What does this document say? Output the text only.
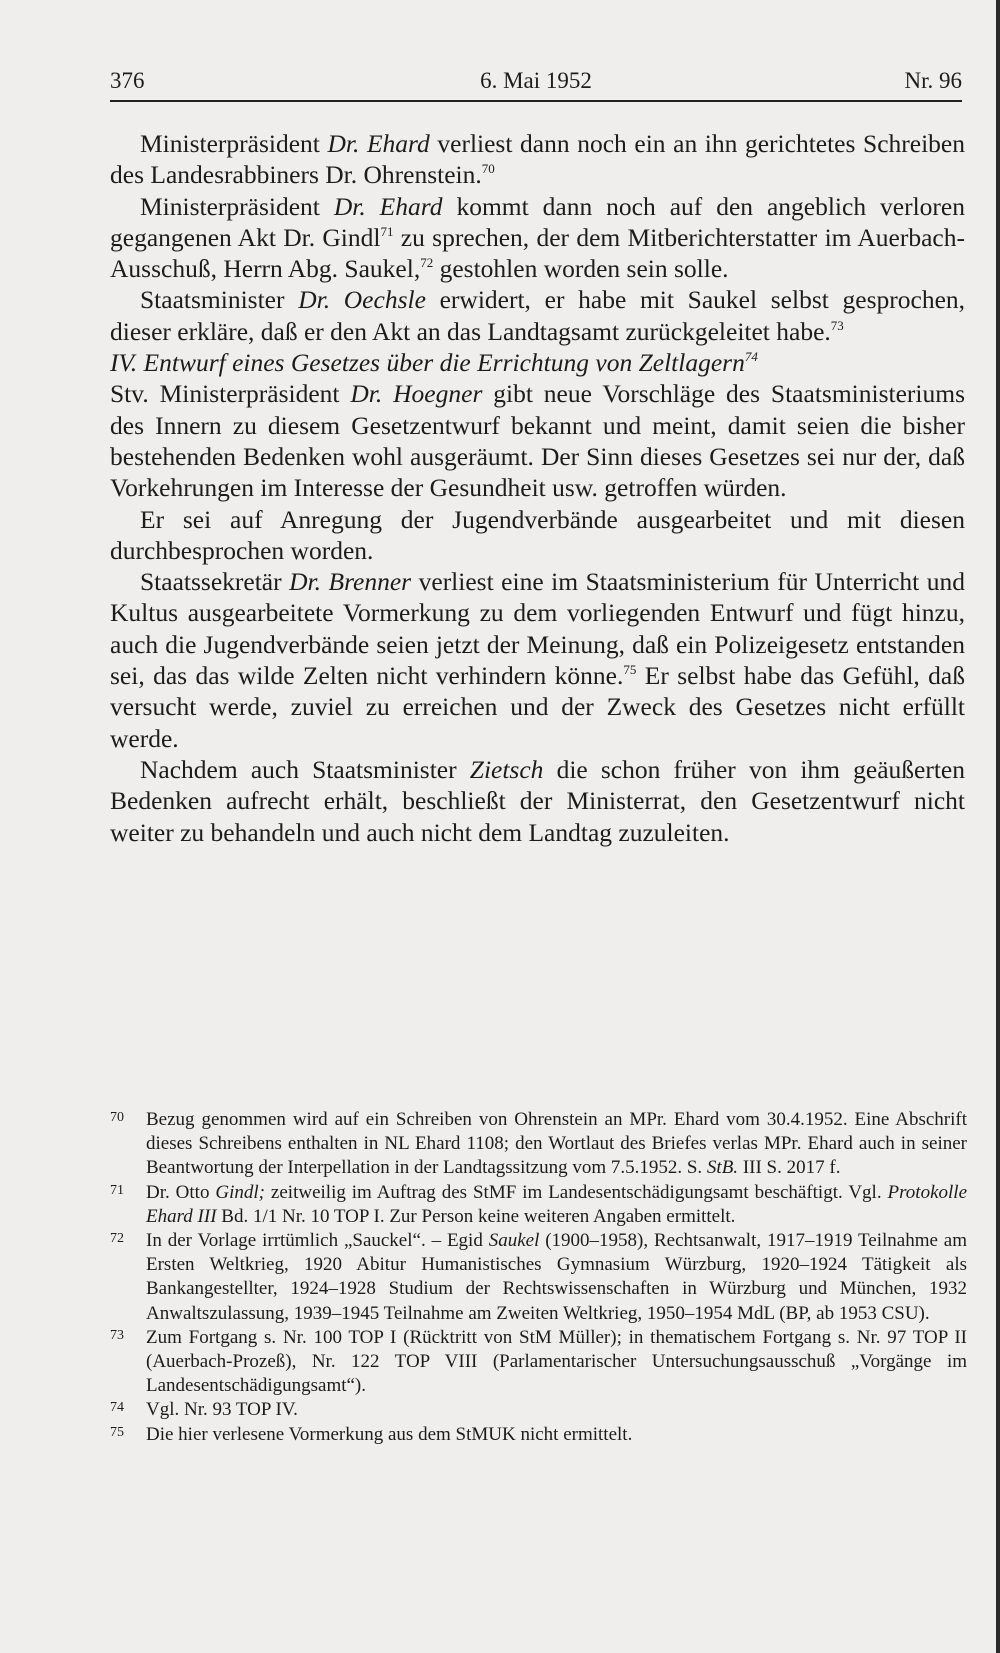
376	6. Mai 1952	Nr. 96

Ministerpräsident Dr. Ehard verliest dann noch ein an ihn gerichtetes Schreiben des Landesrabbiners Dr. Ohrenstein.$^{70}$

Ministerpräsident Dr. Ehard kommt dann noch auf den angeblich verloren gegangenen Akt Dr. Gindl$^{71}$ zu sprechen, der dem Mitberichterstatter im Auerbach-Ausschuß, Herrn Abg. Saukel,$^{72}$ gestohlen worden sein solle.

Staatsminister Dr. Oechsle erwidert, er habe mit Saukel selbst gesprochen, dieser erkläre, daß er den Akt an das Landtagsamt zurückgeleitet habe.$^{73}$

IV. Entwurf eines Gesetzes über die Errichtung von Zeltlagern$^{74}$

Stv. Ministerpräsident Dr. Hoegner gibt neue Vorschläge des Staatsministeriums des Innern zu diesem Gesetzentwurf bekannt und meint, damit seien die bisher bestehenden Bedenken wohl ausgeräumt. Der Sinn dieses Gesetzes sei nur der, daß Vorkehrungen im Interesse der Gesundheit usw. getroffen würden.

Er sei auf Anregung der Jugendverbände ausgearbeitet und mit diesen durchbesprochen worden.

Staatssekretär Dr. Brenner verliest eine im Staatsministerium für Unterricht und Kultus ausgearbeitete Vormerkung zu dem vorliegenden Entwurf und fügt hinzu, auch die Jugendverbände seien jetzt der Meinung, daß ein Polizeigesetz entstanden sei, das das wilde Zelten nicht verhindern könne.$^{75}$ Er selbst habe das Gefühl, daß versucht werde, zuviel zu erreichen und der Zweck des Gesetzes nicht erfüllt werde.

Nachdem auch Staatsminister Zietsch die schon früher von ihm geäußerten Bedenken aufrecht erhält, beschließt der Ministerrat, den Gesetzentwurf nicht weiter zu behandeln und auch nicht dem Landtag zuzuleiten.

70 Bezug genommen wird auf ein Schreiben von Ohrenstein an MPr. Ehard vom 30.4.1952. Eine Abschrift dieses Schreibens enthalten in NL Ehard 1108; den Wortlaut des Briefes verlas MPr. Ehard auch in seiner Beantwortung der Interpellation in der Landtagssitzung vom 7.5.1952. S. StB. III S. 2017 f.
71 Dr. Otto Gindl; zeitweilig im Auftrag des StMF im Landesentschädigungsamt beschäftigt. Vgl. Protokolle Ehard III Bd. 1/1 Nr. 10 TOP I. Zur Person keine weiteren Angaben ermittelt.
72 In der Vorlage irrtümlich „Sauckel“. – Egid Saukel (1900–1958), Rechtsanwalt, 1917–1919 Teilnahme am Ersten Weltkrieg, 1920 Abitur Humanistisches Gymnasium Würzburg, 1920–1924 Tätigkeit als Bankangestellter, 1924–1928 Studium der Rechtswissenschaften in Würzburg und München, 1932 Anwaltszulassung, 1939–1945 Teilnahme am Zweiten Weltkrieg, 1950–1954 MdL (BP, ab 1953 CSU).
73 Zum Fortgang s. Nr. 100 TOP I (Rücktritt von StM Müller); in thematischem Fortgang s. Nr. 97 TOP II (Auerbach-Prozeß), Nr. 122 TOP VIII (Parlamentarischer Untersuchungsausschuß „Vorgänge im Landesentschädigungsamt“).
74 Vgl. Nr. 93 TOP IV.
75 Die hier verlesene Vormerkung aus dem StMUK nicht ermittelt.
